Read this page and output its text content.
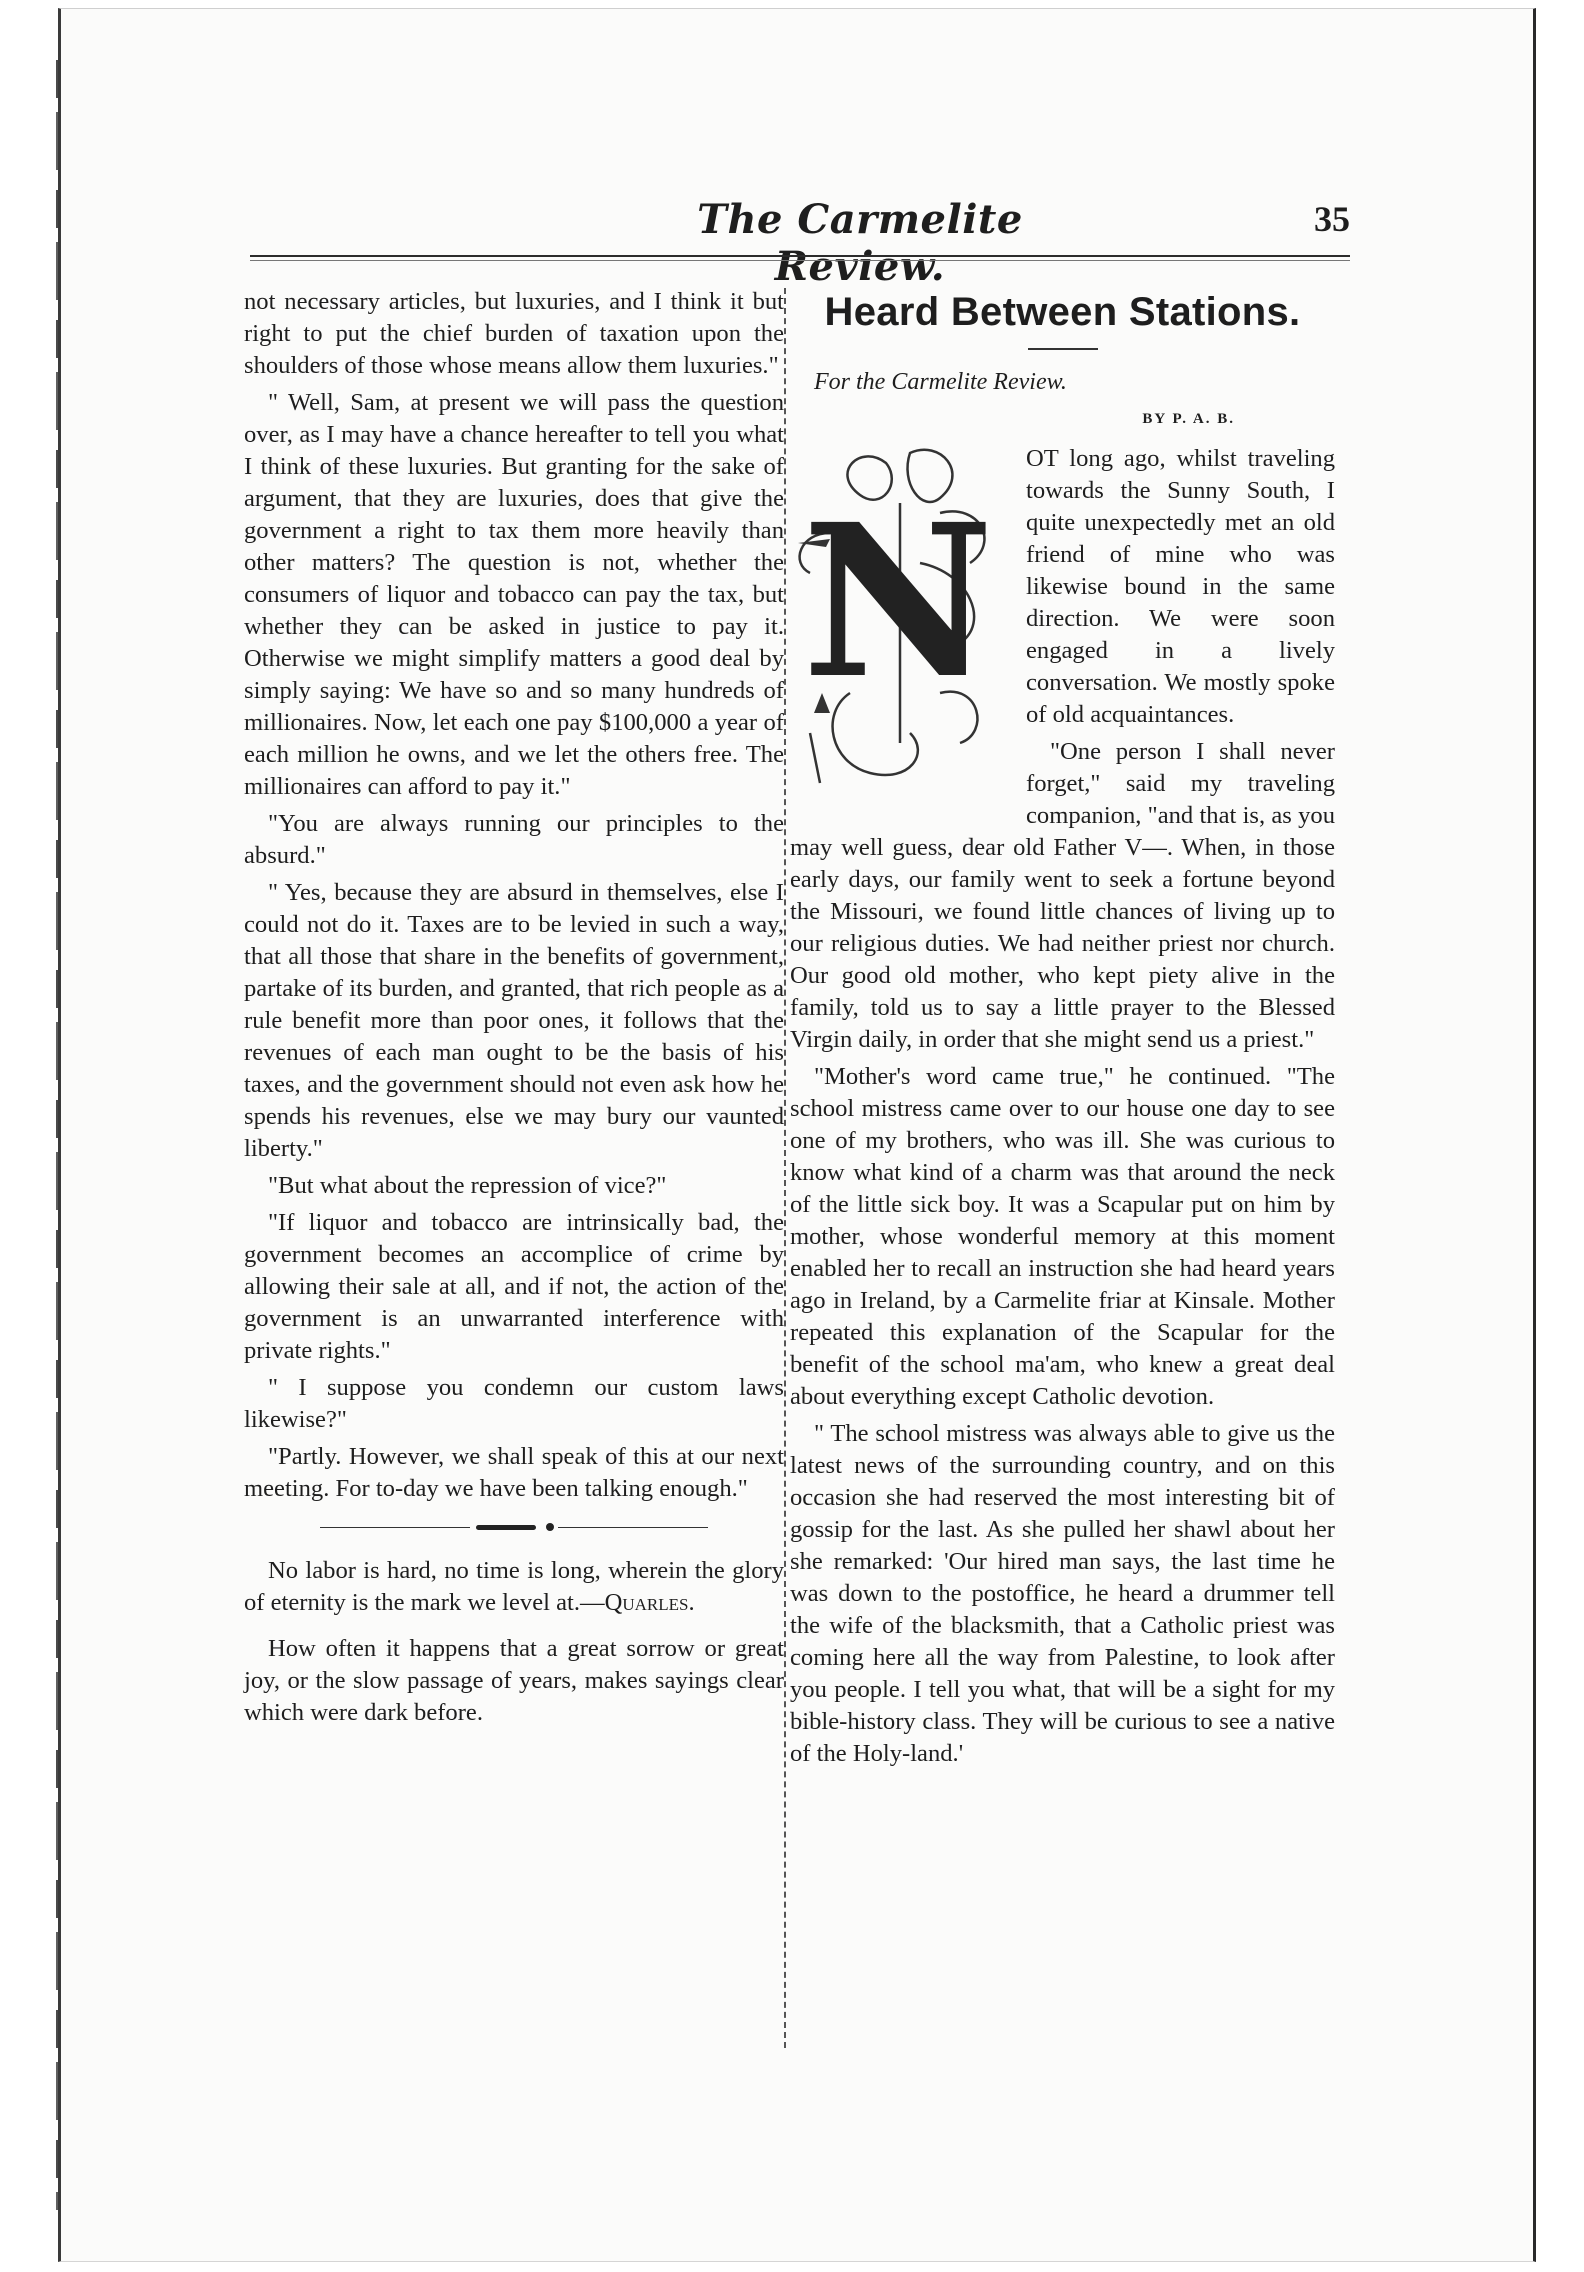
The Carmelite Review.
35

not necessary articles, but luxuries, and I think it but right to put the chief burden of taxation upon the shoulders of those whose means allow them luxuries."

" Well, Sam, at present we will pass the question over, as I may have a chance hereafter to tell you what I think of these luxuries. But granting for the sake of argument, that they are luxuries, does that give the government a right to tax them more heavily than other matters? The question is not, whether the consumers of liquor and tobacco can pay the tax, but whether they can be asked in justice to pay it. Otherwise we might simplify matters a good deal by simply saying: We have so and so many hundreds of millionaires. Now, let each one pay $100,000 a year of each million he owns, and we let the others free. The millionaires can afford to pay it."

"You are always running our principles to the absurd."

" Yes, because they are absurd in themselves, else I could not do it. Taxes are to be levied in such a way, that all those that share in the benefits of government, partake of its burden, and granted, that rich people as a rule benefit more than poor ones, it follows that the revenues of each man ought to be the basis of his taxes, and the government should not even ask how he spends his revenues, else we may bury our vaunted liberty."

"But what about the repression of vice?"

"If liquor and tobacco are intrinsically bad, the government becomes an accomplice of crime by allowing their sale at all, and if not, the action of the government is an unwarranted interference with private rights."

" I suppose you condemn our custom laws likewise?"

"Partly. However, we shall speak of this at our next meeting. For to-day we have been talking enough."

No labor is hard, no time is long, wherein the glory of eternity is the mark we level at.—Quarles.

How often it happens that a great sorrow or great joy, or the slow passage of years, makes sayings clear which were dark before.

Heard Between Stations.

For the Carmelite Review.

BY P. A. B.
N

OT long ago, whilst traveling towards the Sunny South, I quite unexpectedly met an old friend of mine who was likewise bound in the same direction. We were soon engaged in a lively conversation. We mostly spoke of old acquaintances.

"One person I shall never forget," said my traveling companion, "and that is, as you may well guess, dear old Father V—. When, in those early days, our family went to seek a fortune beyond the Missouri, we found little chances of living up to our religious duties. We had neither priest nor church. Our good old mother, who kept piety alive in the family, told us to say a little prayer to the Blessed Virgin daily, in order that she might send us a priest."

"Mother's word came true," he continued. "The school mistress came over to our house one day to see one of my brothers, who was ill. She was curious to know what kind of a charm was that around the neck of the little sick boy. It was a Scapular put on him by mother, whose wonderful memory at this moment enabled her to recall an instruction she had heard years ago in Ireland, by a Carmelite friar at Kinsale. Mother repeated this explanation of the Scapular for the benefit of the school ma'am, who knew a great deal about everything except Catholic devotion.

" The school mistress was always able to give us the latest news of the surrounding country, and on this occasion she had reserved the most interesting bit of gossip for the last. As she pulled her shawl about her she remarked: 'Our hired man says, the last time he was down to the postoffice, he heard a drummer tell the wife of the blacksmith, that a Catholic priest was coming here all the way from Palestine, to look after you people. I tell you what, that will be a sight for my bible-history class. They will be curious to see a native of the Holy-land.'
